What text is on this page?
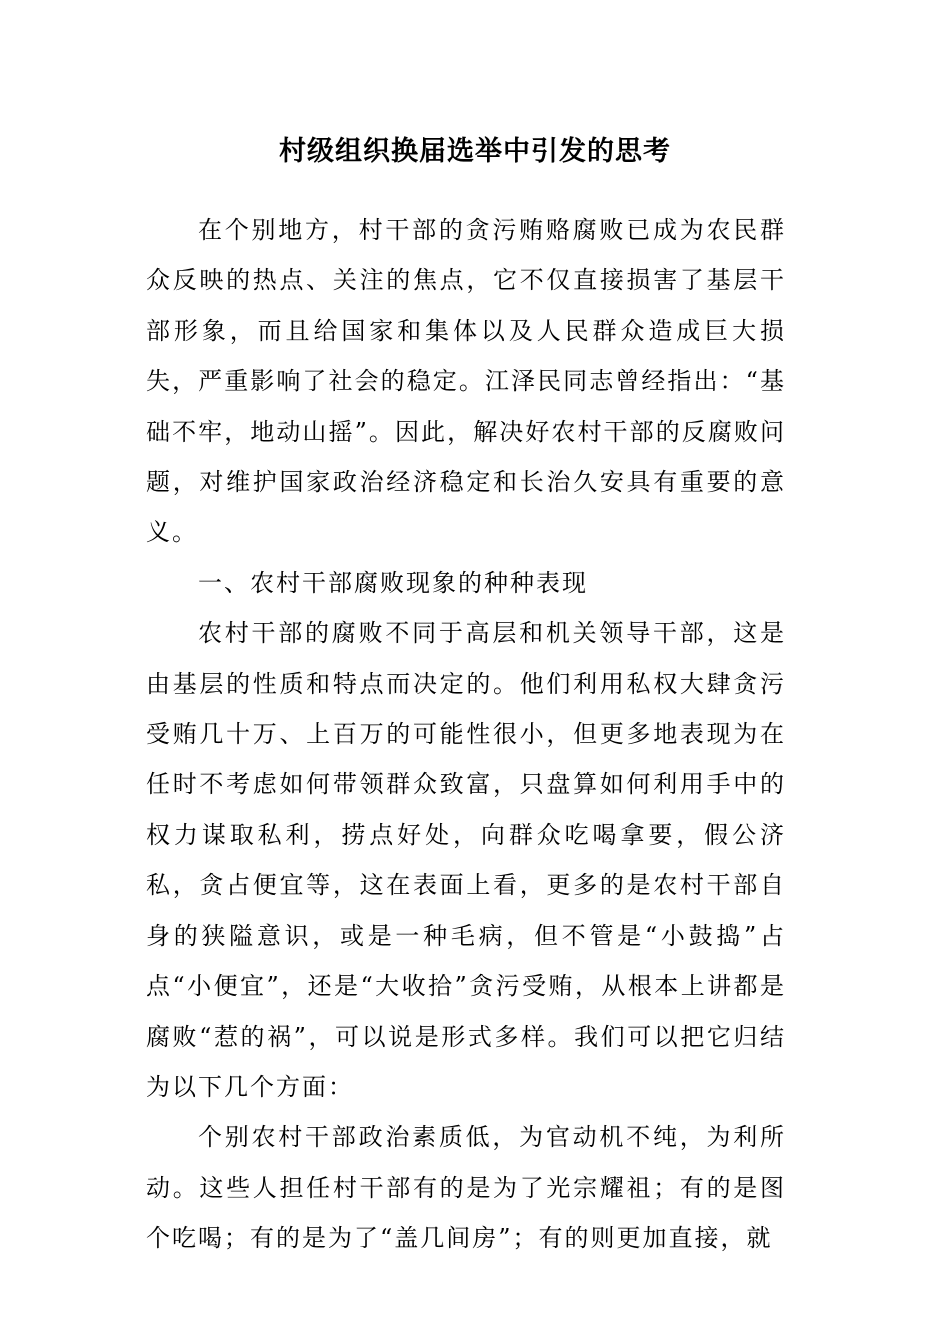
村级组织换届选举中引发的思考

在个别地方，村干部的贪污贿赂腐败已成为农民群众反映的热点、关注的焦点，它不仅直接损害了基层干部形象，而且给国家和集体以及人民群众造成巨大损失，严重影响了社会的稳定。江泽民同志曾经指出：“基础不牢，地动山摇”。因此，解决好农村干部的反腐败问题，对维护国家政治经济稳定和长治久安具有重要的意义。

一、农村干部腐败现象的种种表现

农村干部的腐败不同于高层和机关领导干部，这是由基层的性质和特点而决定的。他们利用私权大肆贪污受贿几十万、上百万的可能性很小，但更多地表现为在任时不考虑如何带领群众致富，只盘算如何利用手中的权力谋取私利，捞点好处，向群众吃喝拿要，假公济私，贪占便宜等，这在表面上看，更多的是农村干部自身的狭隘意识，或是一种毛病，但不管是“小鼓捣”占点“小便宜”，还是“大收拾”贪污受贿，从根本上讲都是腐败“惹的祸”，可以说是形式多样。我们可以把它归结为以下几个方面：

个别农村干部政治素质低，为官动机不纯，为利所动。这些人担任村干部有的是为了光宗耀祖；有的是图个吃喝；有的是为了“盖几间房”；有的则更加直接，就
